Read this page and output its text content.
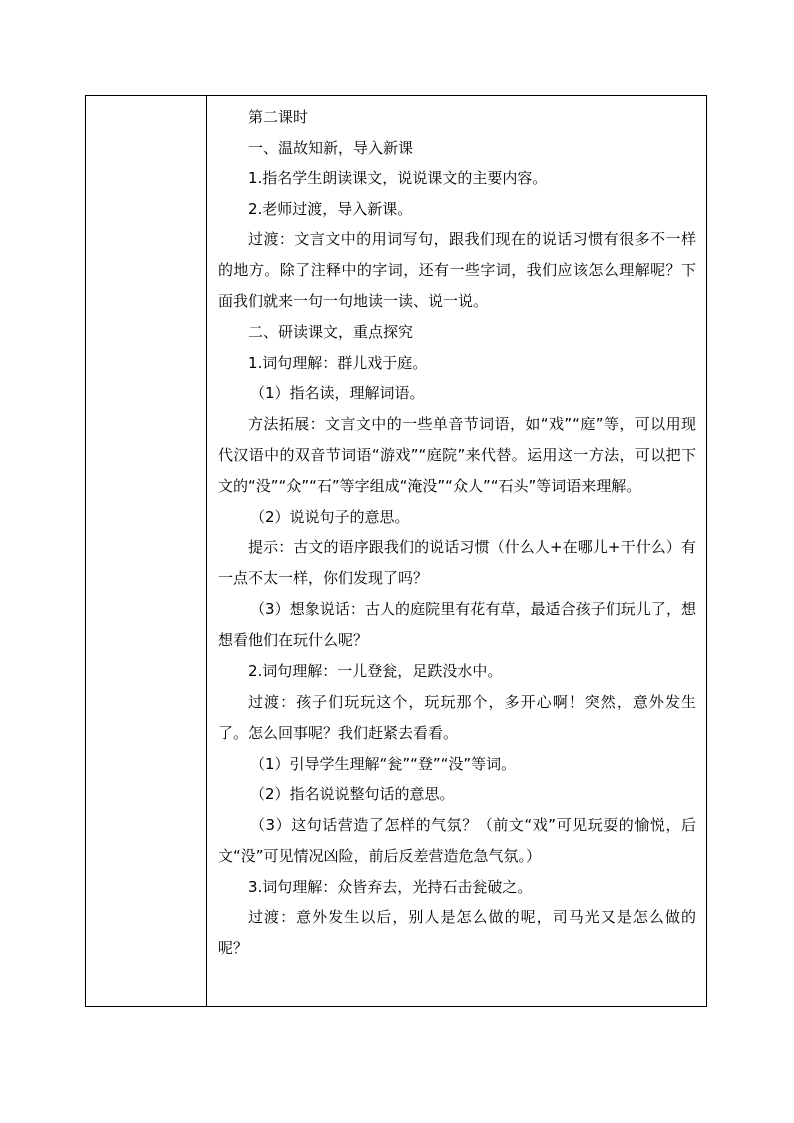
第二课时

一、温故知新，导入新课

1.指名学生朗读课文，说说课文的主要内容。

2.老师过渡，导入新课。

过渡：文言文中的用词写句，跟我们现在的说话习惯有很多不一样的地方。除了注释中的字词，还有一些字词，我们应该怎么理解呢？下面我们就来一句一句地读一读、说一说。

二、研读课文，重点探究

1.词句理解：群儿戏于庭。

（1）指名读，理解词语。

方法拓展：文言文中的一些单音节词语，如“戏”“庭”等，可以用现代汉语中的双音节词语“游戏”“庭院”来代替。运用这一方法，可以把下文的“没”“众”“石”等字组成“淹没”“众人”“石头”等词语来理解。

（2）说说句子的意思。

提示：古文的语序跟我们的说话习惯（什么人+在哪儿+干什么）有一点不太一样，你们发现了吗？

（3）想象说话：古人的庭院里有花有草，最适合孩子们玩儿了，想想看他们在玩什么呢？

2.词句理解：一儿登瓮，足跌没水中。

过渡：孩子们玩玩这个，玩玩那个，多开心啊！突然，意外发生了。怎么回事呢？我们赶紧去看看。

（1）引导学生理解“瓮”“登”“没”等词。

（2）指名说说整句话的意思。

（3）这句话营造了怎样的气氛？（前文“戏”可见玩耍的愉悦，后文“没”可见情况凶险，前后反差营造危急气氛。）

3.词句理解：众皆弃去，光持石击瓮破之。

过渡：意外发生以后，别人是怎么做的呢，司马光又是怎么做的呢？
